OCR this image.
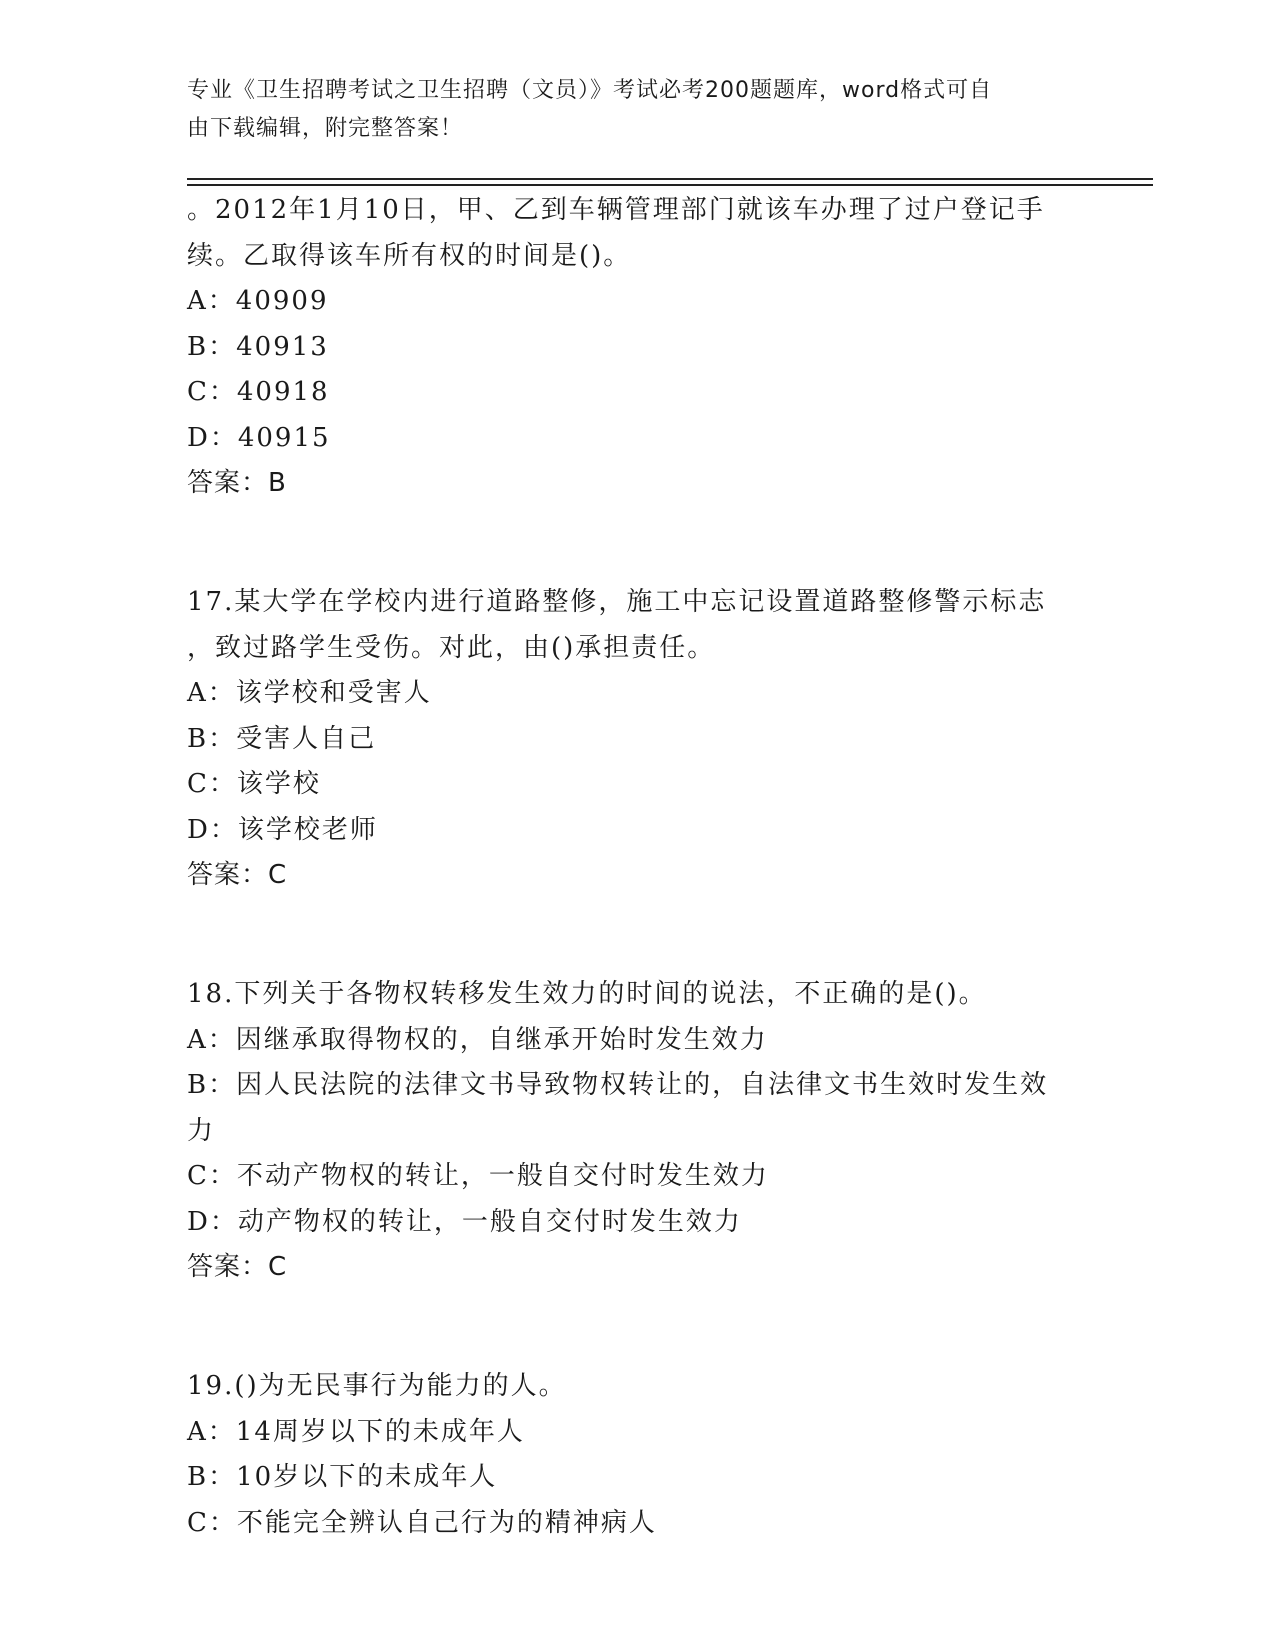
专业《卫生招聘考试之卫生招聘（文员）》考试必考200题题库，word格式可自
由下载编辑，附完整答案！
。2012年1月10日，甲、乙到车辆管理部门就该车办理了过户登记手
续。乙取得该车所有权的时间是()。
A：40909
B：40913
C：40918
D：40915
答案：B
17.某大学在学校内进行道路整修，施工中忘记设置道路整修警示标志
，致过路学生受伤。对此，由()承担责任。
A：该学校和受害人
B：受害人自己
C：该学校
D：该学校老师
答案：C
18.下列关于各物权转移发生效力的时间的说法，不正确的是()。
A：因继承取得物权的，自继承开始时发生效力
B：因人民法院的法律文书导致物权转让的，自法律文书生效时发生效
力
C：不动产物权的转让，一般自交付时发生效力
D：动产物权的转让，一般自交付时发生效力
答案：C
19.()为无民事行为能力的人。
A：14周岁以下的未成年人
B：10岁以下的未成年人
C：不能完全辨认自己行为的精神病人
